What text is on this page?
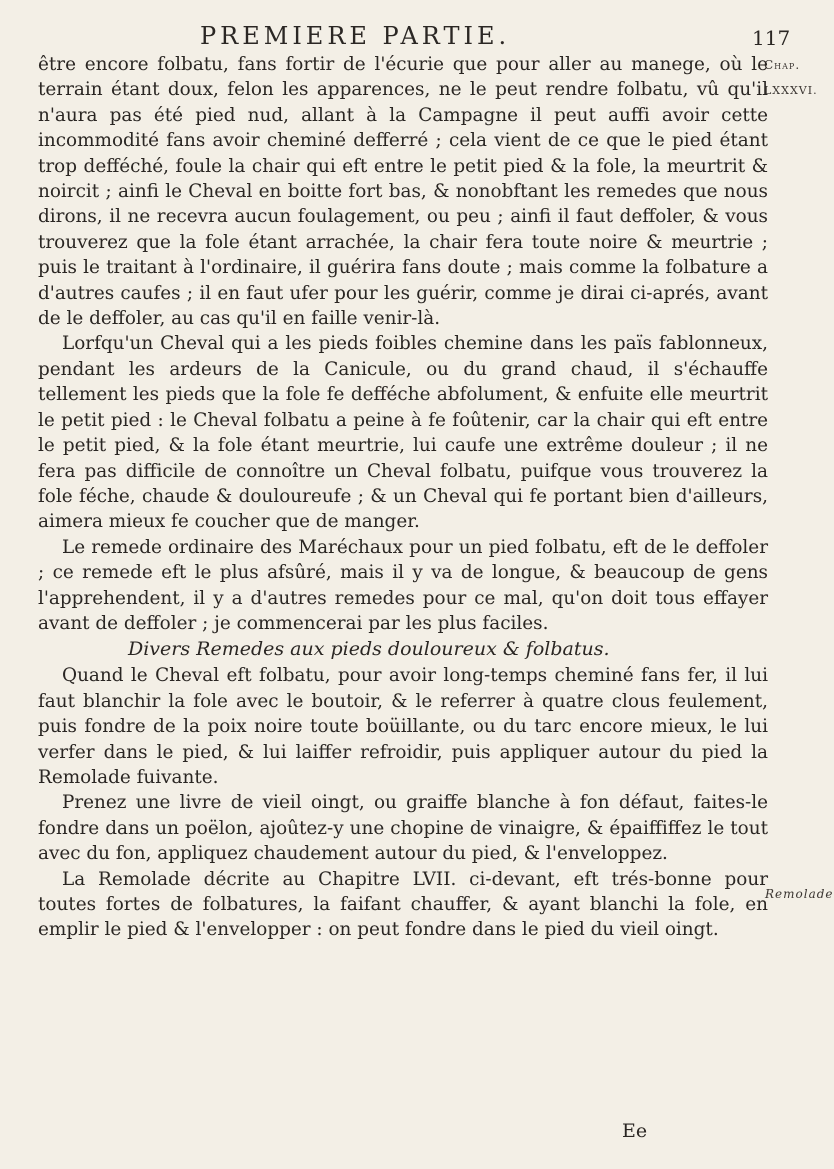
PREMIERE PARTIE.	117
Chap.
LXXXVI.
Remolade

être encore folbatu, fans fortir de l'écurie que pour aller au manege, où le terrain étant doux, felon les apparences, ne le peut rendre folbatu, vû qu'il n'aura pas été pied nud, allant à la Campagne il peut auffi avoir cette incommodité fans avoir cheminé defferré ; cela vient de ce que le pied étant trop defféché, foule la chair qui eft entre le petit pied & la fole, la meurtrit & noircit ; ainfi le Cheval en boitte fort bas, & nonobftant les remedes que nous dirons, il ne recevra aucun foulagement, ou peu ; ainfi il faut deffoler, & vous trouverez que la fole étant arrachée, la chair fera toute noire & meurtrie ; puis le traitant à l'ordinaire, il guérira fans doute ; mais comme la folbature a d'autres caufes ; il en faut ufer pour les guérir, comme je dirai ci-aprés, avant de le deffoler, au cas qu'il en faille venir-là.

Lorfqu'un Cheval qui a les pieds foibles chemine dans les païs fablonneux, pendant les ardeurs de la Canicule, ou du grand chaud, il s'échauffe tellement les pieds que la fole fe defféche abfolument, & enfuite elle meurtrit le petit pied : le Cheval folbatu a peine à fe foûtenir, car la chair qui eft entre le petit pied, & la fole étant meurtrie, lui caufe une extrême douleur ; il ne fera pas difficile de connoître un Cheval folbatu, puifque vous trouverez la fole féche, chaude & douloureufe ; & un Cheval qui fe portant bien d'ailleurs, aimera mieux fe coucher que de manger.

Le remede ordinaire des Maréchaux pour un pied folbatu, eft de le deffoler ; ce remede eft le plus afsûré, mais il y va de longue, & beaucoup de gens l'apprehendent, il y a d'autres remedes pour ce mal, qu'on doit tous effayer avant de deffoler ; je commencerai par les plus faciles.

Divers Remedes aux pieds douloureux & folbatus.

Quand le Cheval eft folbatu, pour avoir long-temps cheminé fans fer, il lui faut blanchir la fole avec le boutoir, & le referrer à quatre clous feulement, puis fondre de la poix noire toute boüillante, ou du tarc encore mieux, le lui verfer dans le pied, & lui laiffer refroidir, puis appliquer autour du pied la Remolade fuivante.

Prenez une livre de vieil oingt, ou graiffe blanche à fon défaut, faites-le fondre dans un poëlon, ajoûtez-y une chopine de vinaigre, & épaiffiffez le tout avec du fon, appliquez chaudement autour du pied, & l'enveloppez.

La Remolade décrite au Chapitre LVII. ci-devant, eft trés-bonne pour toutes fortes de folbatures, la faifant chauffer, & ayant blanchi la fole, en emplir le pied & l'envelopper : on peut fondre dans le pied du vieil oingt.

Ee
